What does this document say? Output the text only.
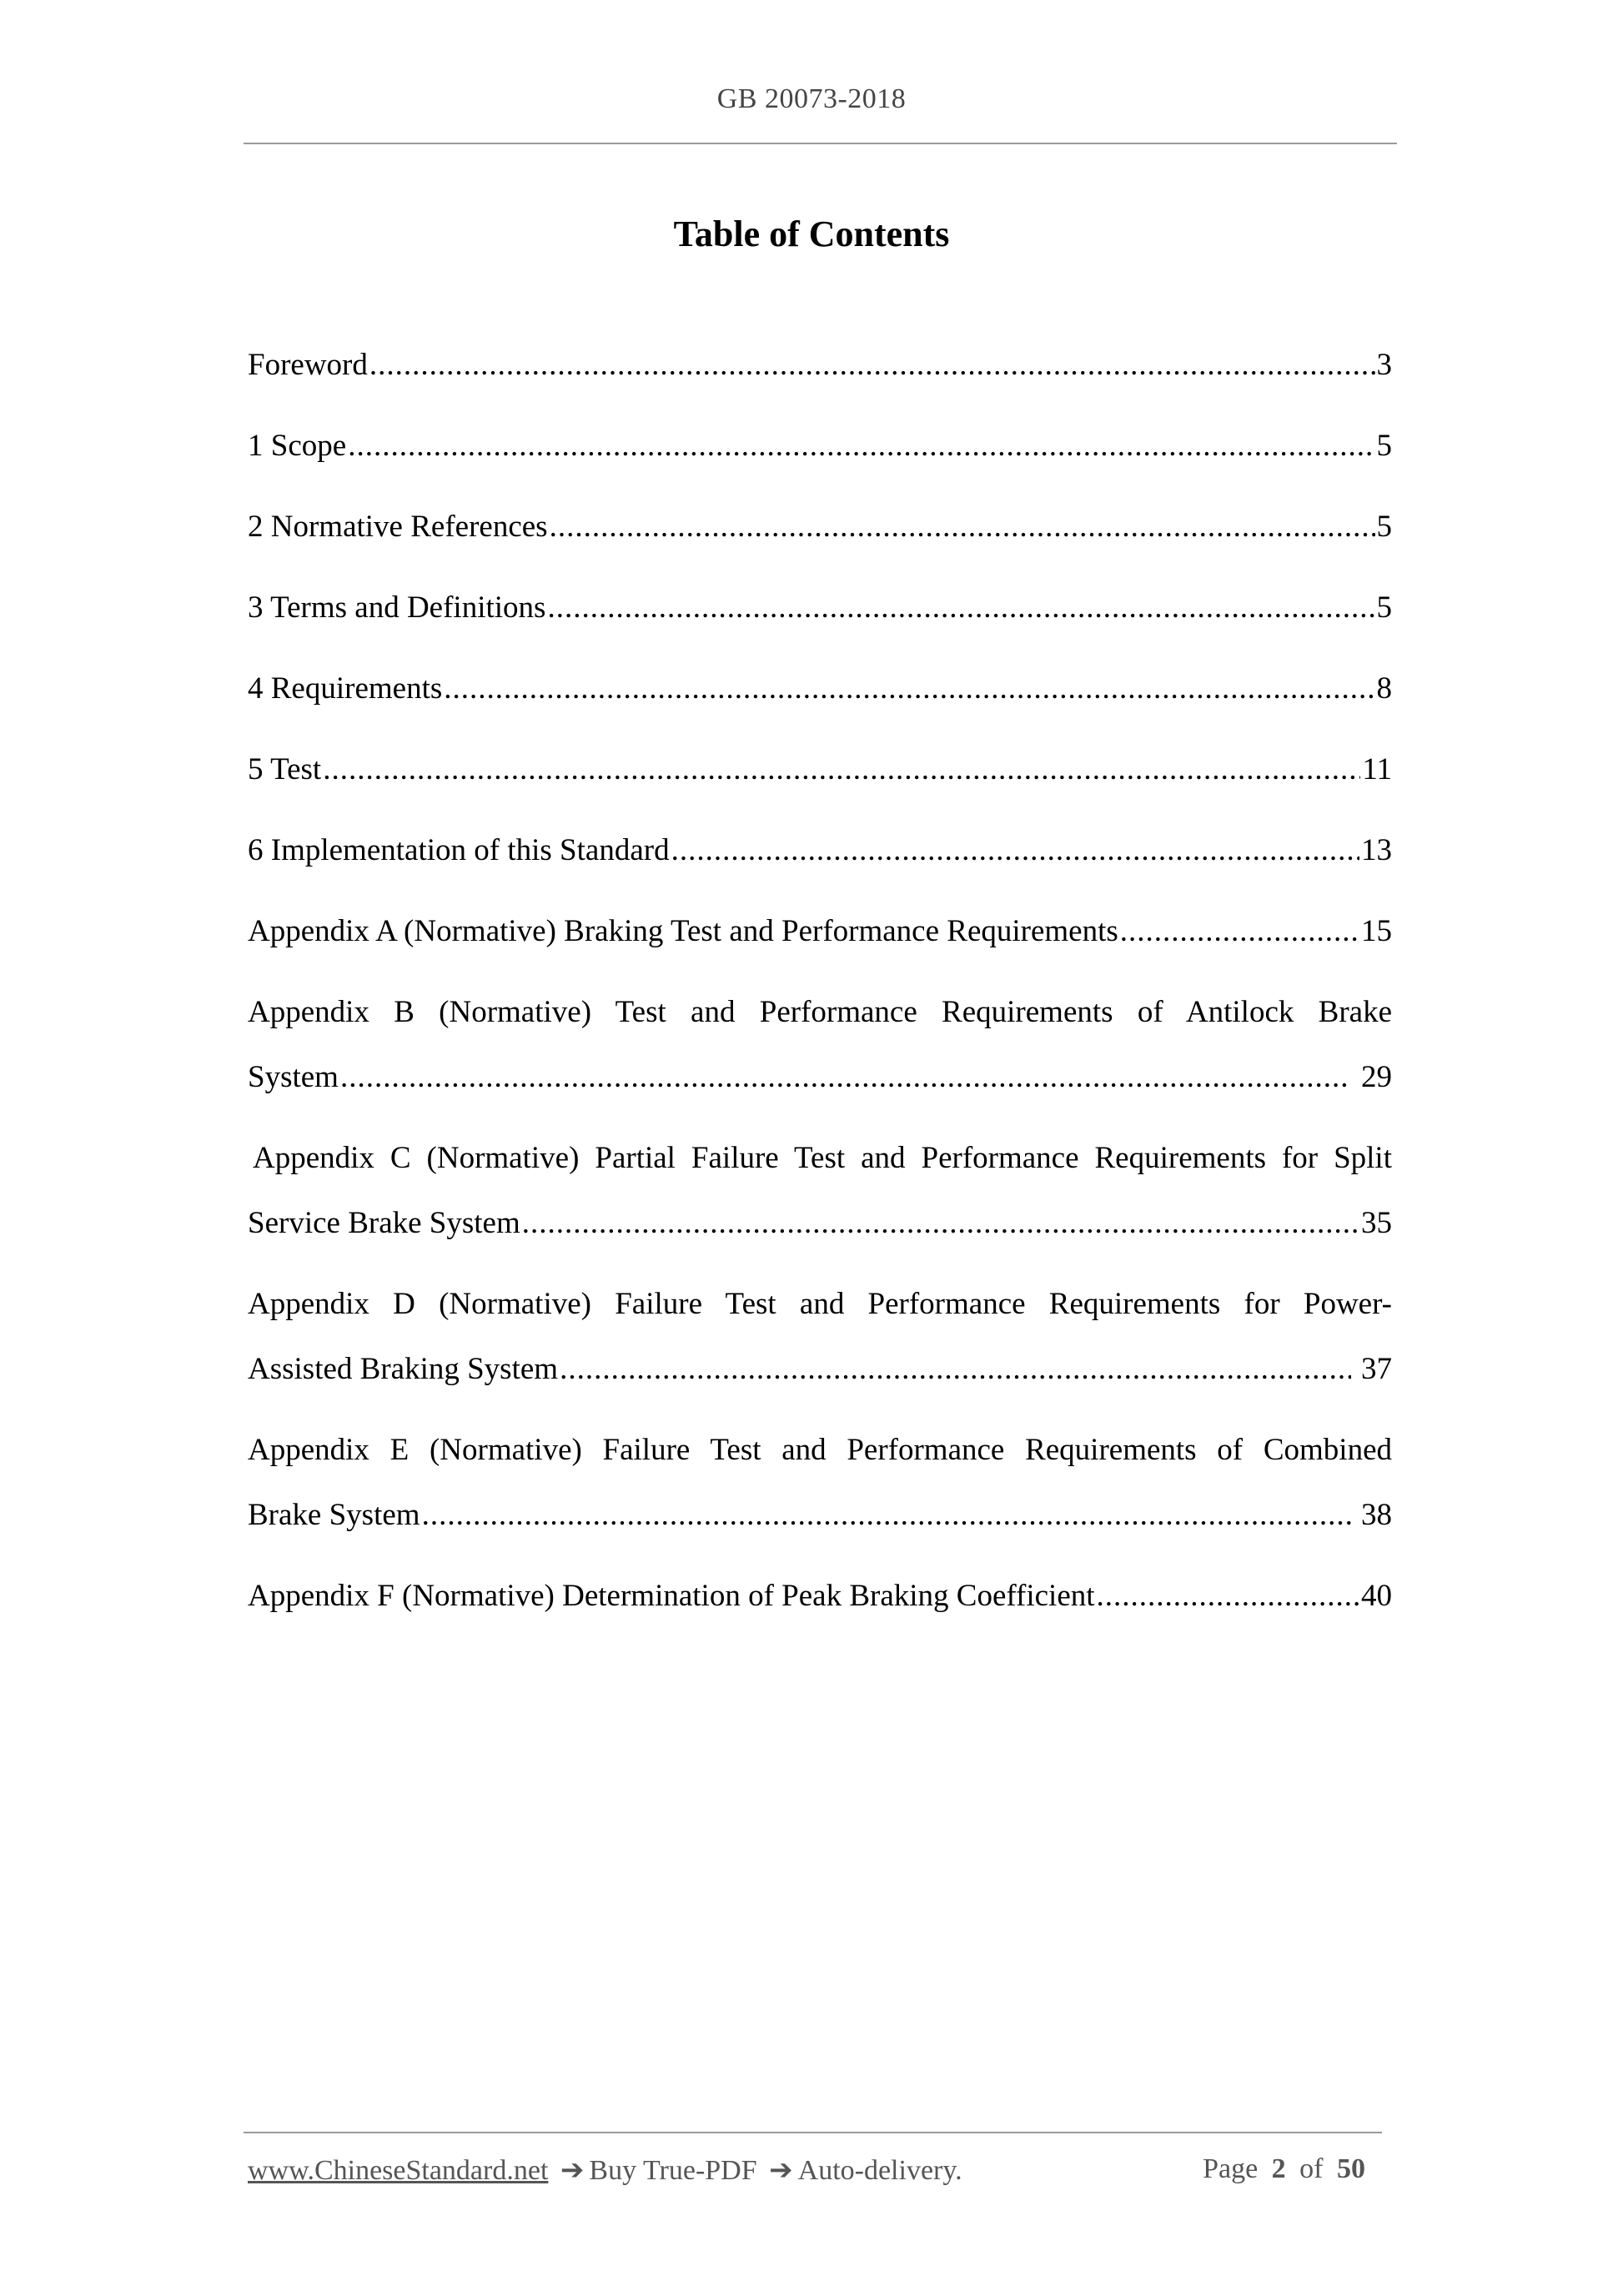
GB 20073-2018
Table of Contents
Foreword .....	3
1 Scope .....	5
2 Normative References .....	5
3 Terms and Definitions .....	5
4 Requirements .....	8
5 Test .....	11
6 Implementation of this Standard .....	13
Appendix A (Normative) Braking Test and Performance Requirements .....	15
Appendix B (Normative) Test and Performance Requirements of Antilock Brake
System .....	29
Appendix C (Normative) Partial Failure Test and Performance Requirements for Split
Service Brake System .....	35
Appendix D (Normative) Failure Test and Performance Requirements for Power-
Assisted Braking System .....	37
Appendix E (Normative) Failure Test and Performance Requirements of Combined
Brake System .....	38
Appendix F (Normative) Determination of Peak Braking Coefficient .....	40
www.ChineseStandard.net ➔ Buy True-PDF ➔ Auto-delivery.	Page 2 of 50
